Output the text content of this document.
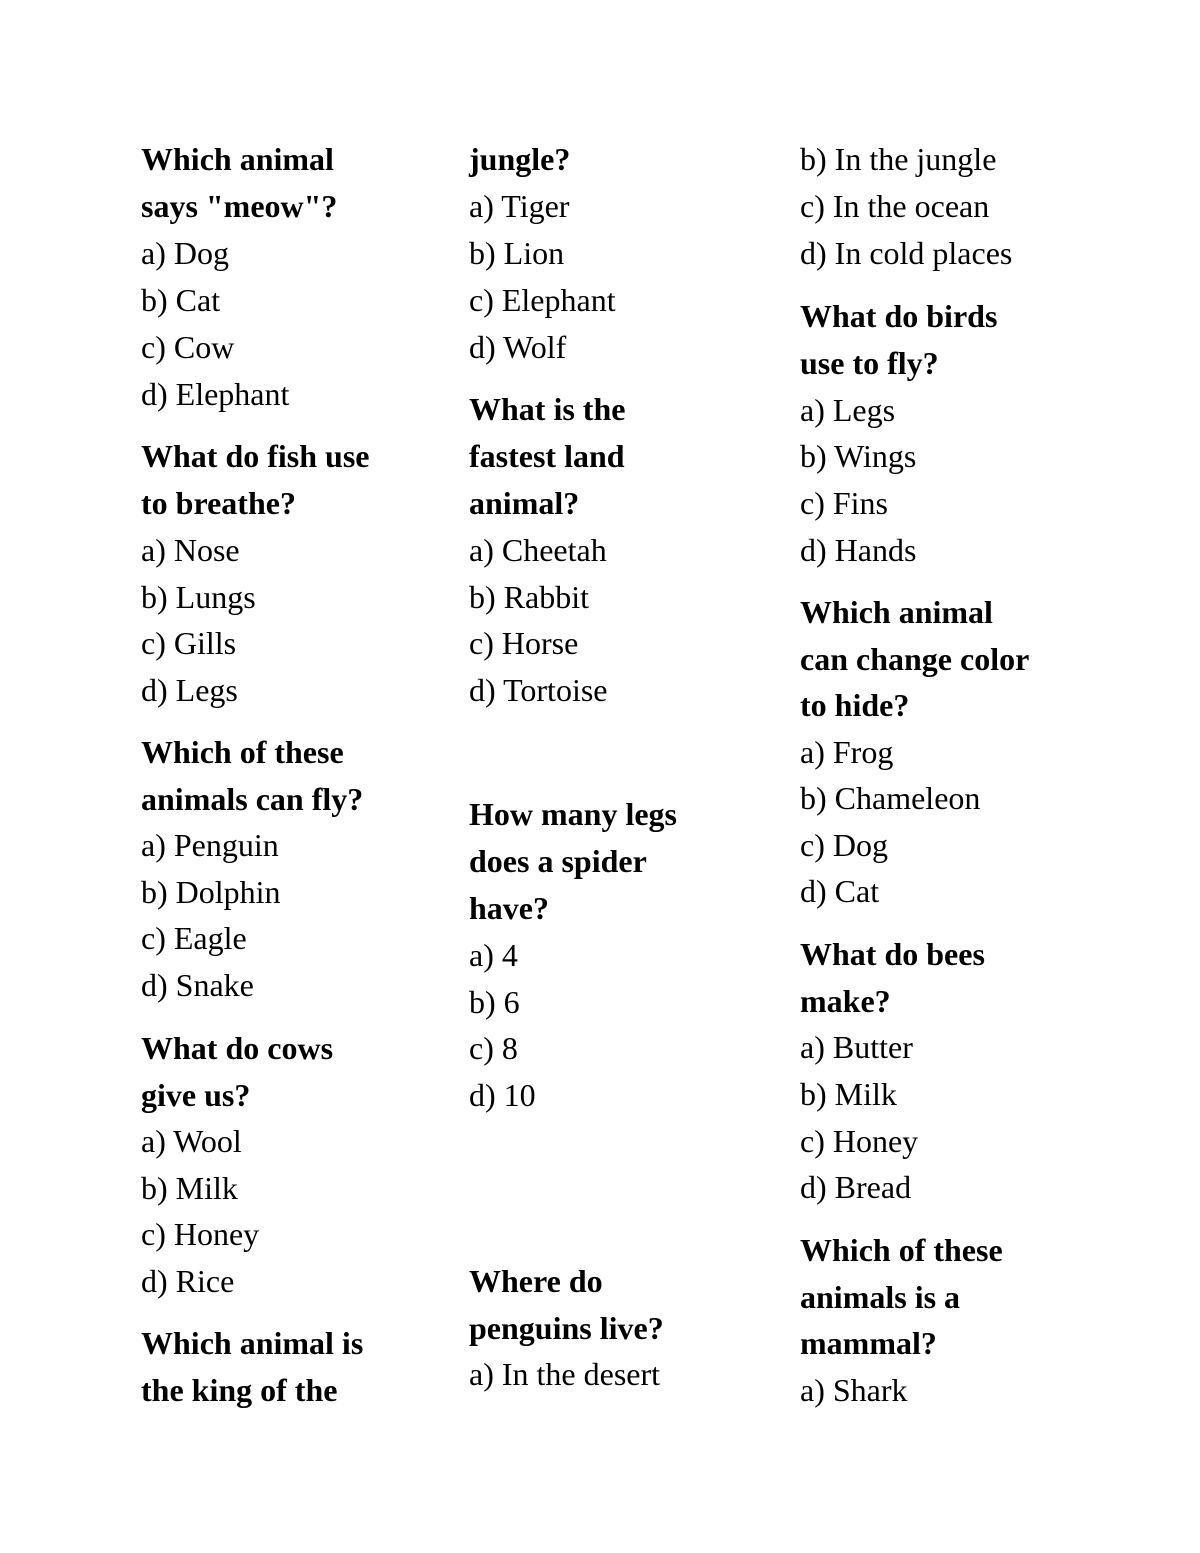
Which animal
says "meow"?
a) Dog
b) Cat
c) Cow
d) Elephant
What do fish use
to breathe?
a) Nose
b) Lungs
c) Gills
d) Legs
Which of these
animals can fly?
a) Penguin
b) Dolphin
c) Eagle
d) Snake
What do cows
give us?
a) Wool
b) Milk
c) Honey
d) Rice
Which animal is
the king of the
jungle?
a) Tiger
b) Lion
c) Elephant
d) Wolf
What is the
fastest land
animal?
a) Cheetah
b) Rabbit
c) Horse
d) Tortoise
How many legs
does a spider
have?
a) 4
b) 6
c) 8
d) 10
Where do
penguins live?
a) In the desert
b) In the jungle
c) In the ocean
d) In cold places
What do birds
use to fly?
a) Legs
b) Wings
c) Fins
d) Hands
Which animal
can change color
to hide?
a) Frog
b) Chameleon
c) Dog
d) Cat
What do bees
make?
a) Butter
b) Milk
c) Honey
d) Bread
Which of these
animals is a
mammal?
a) Shark
